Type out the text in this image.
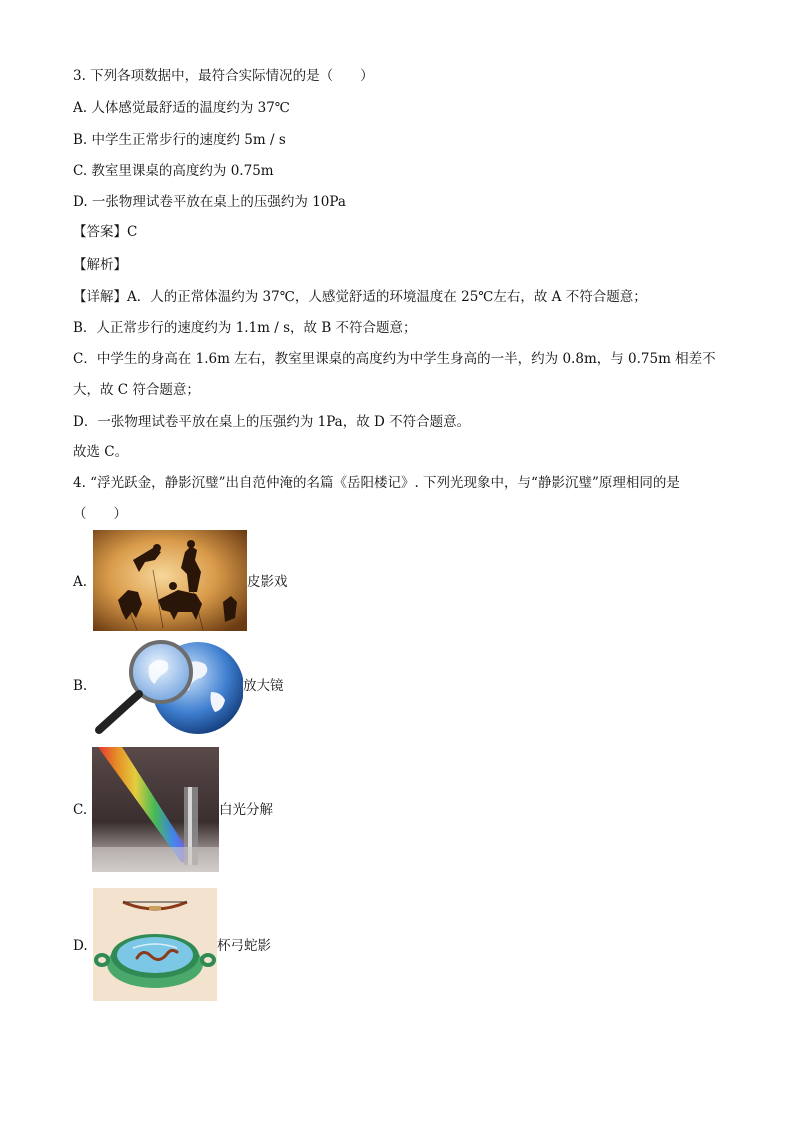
3. 下列各项数据中，最符合实际情况的是（　　）
A. 人体感觉最舒适的温度约为 37℃
B. 中学生正常步行的速度约 5m / s
C. 教室里课桌的高度约为 0.75m
D. 一张物理试卷平放在桌上的压强约为 10Pa
【答案】C
【解析】
【详解】A．人的正常体温约为 37℃，人感觉舒适的环境温度在 25℃左右，故 A 不符合题意；
B．人正常步行的速度约为 1.1m / s，故 B 不符合题意；
C．中学生的身高在 1.6m 左右，教室里课桌的高度约为中学生身高的一半，约为 0.8m，与 0.75m 相差不
大，故 C 符合题意；
D．一张物理试卷平放在桌上的压强约为 1Pa，故 D 不符合题意。
故选 C。
4. “浮光跃金，静影沉璧”出自范仲淹的名篇《岳阳楼记》. 下列光现象中，与“静影沉璧”原理相同的是
（　　）
A.	皮影戏
B.	放大镜
C.	白光分解
D.	杯弓蛇影
